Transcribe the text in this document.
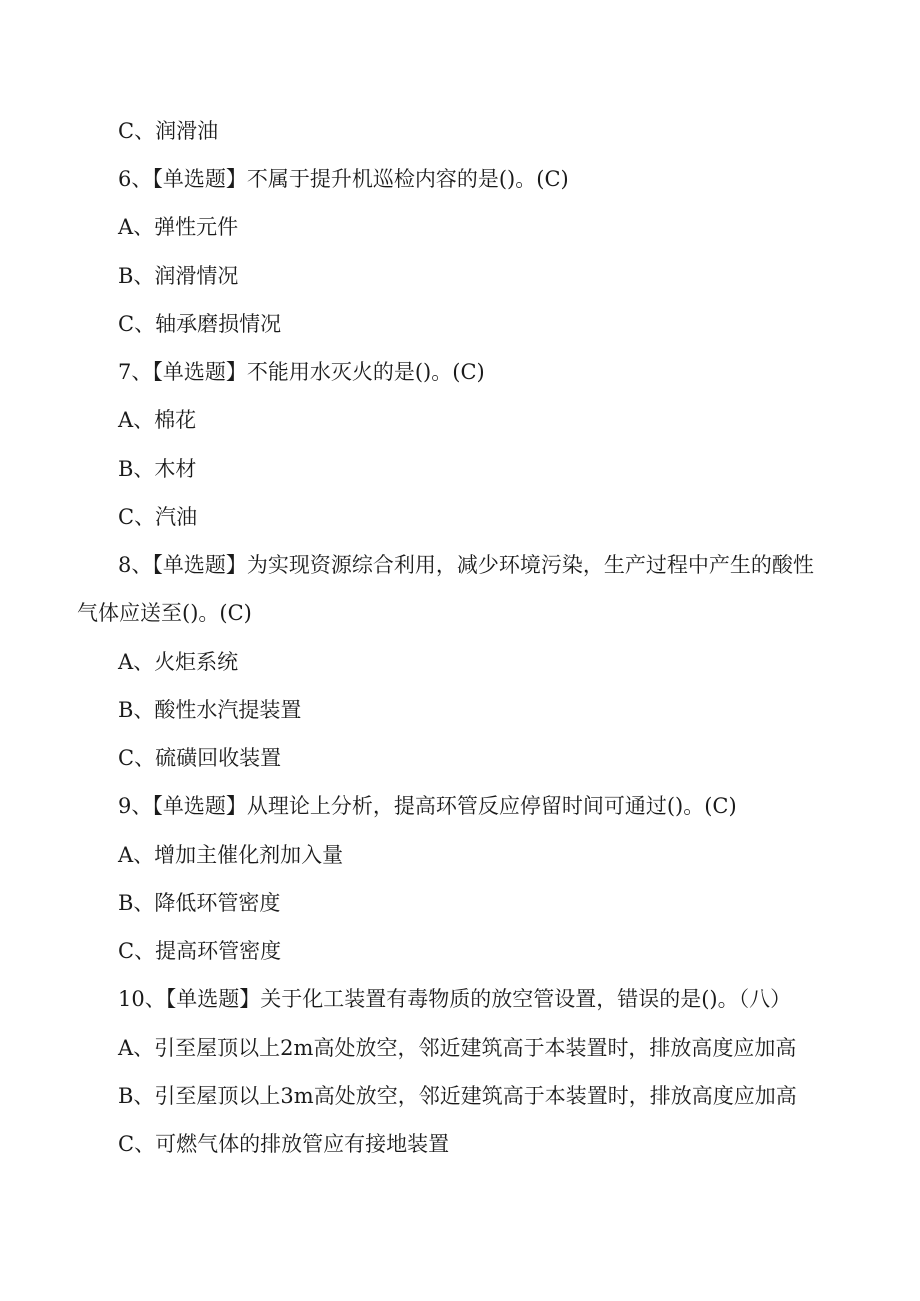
C、润滑油
6、【单选题】不属于提升机巡检内容的是()。(C)
A、弹性元件
B、润滑情况
C、轴承磨损情况
7、【单选题】不能用水灭火的是()。(C)
A、棉花
B、木材
C、汽油
8、【单选题】为实现资源综合利用，减少环境污染，生产过程中产生的酸性
气体应送至()。(C)
A、火炬系统
B、酸性水汽提装置
C、硫磺回收装置
9、【单选题】从理论上分析，提高环管反应停留时间可通过()。(C)
A、增加主催化剂加入量
B、降低环管密度
C、提高环管密度
10、【单选题】关于化工装置有毒物质的放空管设置，错误的是()。（八）
A、引至屋顶以上2m高处放空，邻近建筑高于本装置时，排放高度应加高
B、引至屋顶以上3m高处放空，邻近建筑高于本装置时，排放高度应加高
C、可燃气体的排放管应有接地装置
